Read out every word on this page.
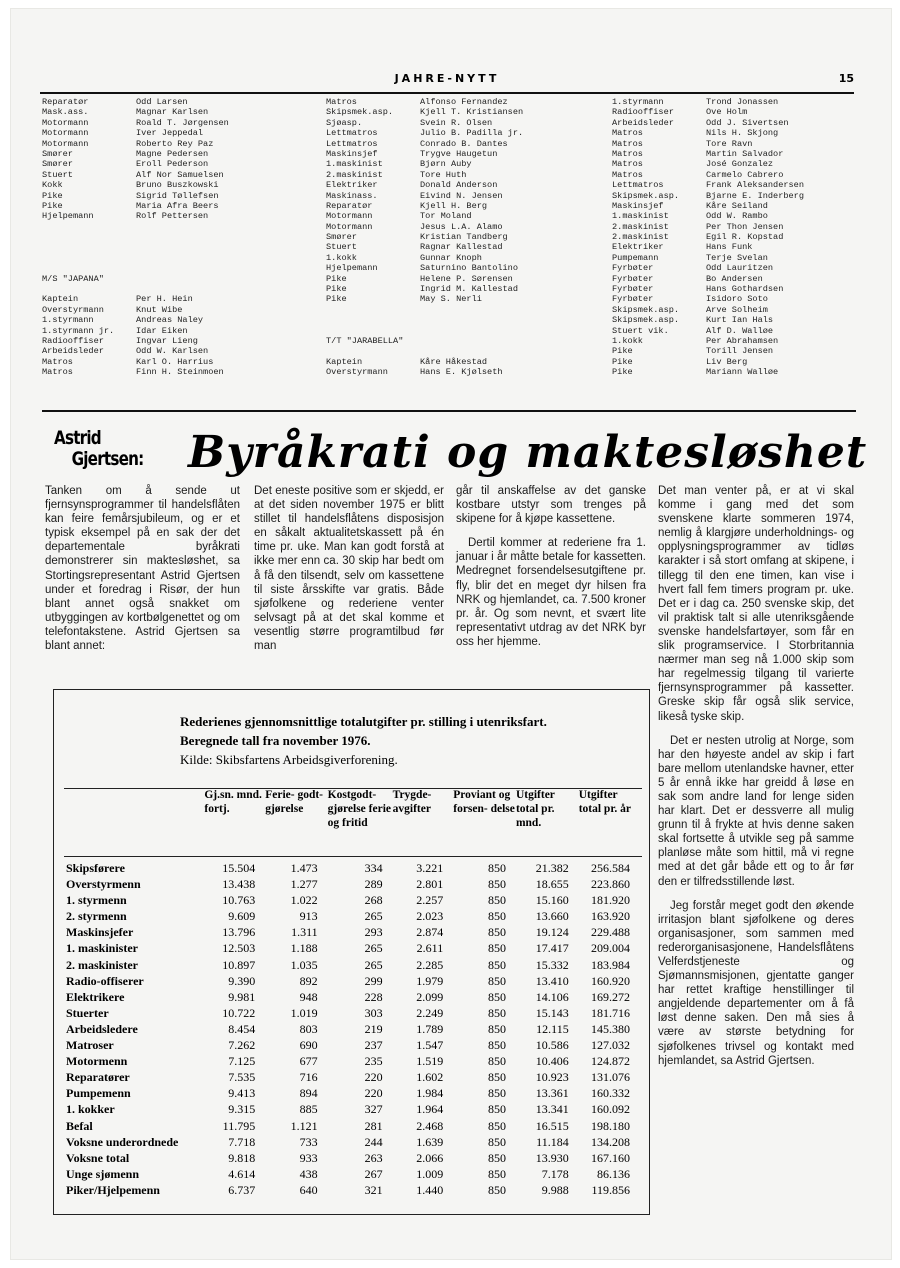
JAHRE-NYTT	15
Reparatør	Odd Larsen
Mask.ass.	Magnar Karlsen
Motormann	Roald T. Jørgensen
Motormann	Iver Jeppedal
Motormann	Roberto Rey Paz
Smører	Magne Pedersen
Smører	Eroll Pederson
Stuert	Alf Nor Samuelsen
Kokk	Bruno Buszkowski
Pike	Sigrid Tøllefsen
Pike	Maria Afra Beers
Hjelpemann	Rolf Pettersen
M/S "JAPANA"
Kaptein	Per H. Hein
Overstyrmann	Knut Wibe
1.styrmann	Andreas Naley
1.styrmann jr.	Idar Eiken
Radiooffiser	Ingvar Lieng
Arbeidsleder	Odd W. Karlsen
Matros	Karl O. Harrius
Matros	Finn H. Steinmoen
Matros	Alfonso Fernandez
Skipsmek.asp.	Kjell T. Kristiansen
Sjøasp.	Svein R. Olsen
Lettmatros	Julio B. Padilla jr.
Lettmatros	Conrado B. Dantes
Maskinsjef	Trygve Haugetun
1.maskinist	Bjørn Auby
2.maskinist	Tore Huth
Elektriker	Donald Anderson
Maskinass.	Eivind N. Jensen
Reparatør	Kjell H. Berg
Motormann	Tor Moland
Motormann	Jesus L.A. Alamo
Smører	Kristian Tandberg
Stuert	Ragnar Kallestad
1.kokk	Gunnar Knoph
Hjelpemann	Saturnino Bantolino
Pike	Helene P. Sørensen
Pike	Ingrid M. Kallestad
Pike	May S. Nerli
T/T "JARABELLA"
Kaptein	Kåre Håkestad
Overstyrmann	Hans E. Kjølseth
1.styrmann	Trond Jonassen
Radiooffiser	Ove Holm
Arbeidsleder	Odd J. Sivertsen
Matros	Nils H. Skjong
Matros	Tore Ravn
Matros	Martin Salvador
Matros	José Gonzalez
Matros	Carmelo Cabrero
Lettmatros	Frank Aleksandersen
Skipsmek.asp.	Bjarne E. Inderberg
Maskinsjef	Kåre Seiland
1.maskinist	Odd W. Rambo
2.maskinist	Per Thon Jensen
2.maskinist	Egil R. Kopstad
Elektriker	Hans Funk
Pumpemann	Terje Svelan
Fyrbøter	Odd Lauritzen
Fyrbøter	Bo Andersen
Fyrbøter	Hans Gothardsen
Fyrbøter	Isidoro Soto
Skipsmek.asp.	Arve Solheim
Skipsmek.asp.	Kurt Ian Hals
Stuert vik.	Alf D. Walløe
1.kokk	Per Abrahamsen
Pike	Torill Jensen
Pike	Liv Berg
Pike	Mariann Walløe
Astrid
Gjertsen: Byråkrati og maktesløshet

Tanken om å sende ut fjernsynsprogrammer til handelsflåten kan feire femårsjubileum, og er et typisk eksempel på en sak der det departementale byråkrati demonstrerer sin maktesløshet, sa Stortingsrepresentant Astrid Gjertsen under et foredrag i Risør, der hun blant annet også snakket om utbyggingen av kortbølgenettet og om telefontakstene. Astrid Gjertsen sa blant annet:

Det eneste positive som er skjedd, er at det siden november 1975 er blitt stillet til handelsflåtens disposisjon en såkalt aktualitetskassett på én time pr. uke. Man kan godt forstå at ikke mer enn ca. 30 skip har bedt om å få den tilsendt, selv om kassettene til siste årsskifte var gratis. Både sjøfolkene og rederiene venter selvsagt på at det skal komme et vesentlig større programtilbud før man

går til anskaffelse av det ganske kostbare utstyr som trenges på skipene for å kjøpe kassettene.

Dertil kommer at rederiene fra 1. januar i år måtte betale for kassetten. Medregnet forsendelsesutgiftene pr. fly, blir det en meget dyr hilsen fra NRK og hjemlandet, ca. 7.500 kroner pr. år. Og som nevnt, et svært lite representativt utdrag av det NRK byr oss her hjemme.

Det man venter på, er at vi skal komme i gang med det som svenskene klarte sommeren 1974, nemlig å klargjøre underholdnings- og opplysningsprogrammer av tidløs karakter i så stort omfang at skipene, i tillegg til den ene timen, kan vise i hvert fall fem timers program pr. uke. Det er i dag ca. 250 svenske skip, det vil praktisk talt si alle utenriksgående svenske handelsfartøyer, som får en slik programservice. I Storbritannia nærmer man seg nå 1.000 skip som har regelmessig tilgang til varierte fjernsynsprogrammer på kassetter. Greske skip får også slik service, likeså tyske skip.

Det er nesten utrolig at Norge, som har den høyeste andel av skip i fart bare mellom utenlandske havner, etter 5 år ennå ikke har greidd å løse en sak som andre land for lenge siden har klart. Det er dessverre all mulig grunn til å frykte at hvis denne saken skal fortsette å utvikle seg på samme planløse måte som hittil, må vi regne med at det går både ett og to år før den er tilfredsstillende løst.

Jeg forstår meget godt den økende irritasjon blant sjøfolkene og deres organisasjoner, som sammen med rederorganisasjonene, Handelsflåtens Velferdstjeneste og Sjømannsmisjonen, gjentatte ganger har rettet kraftige henstillinger til angjeldende departementer om å få løst denne saken. Den må sies å være av største betydning for sjøfolkenes trivsel og kontakt med hjemlandet, sa Astrid Gjertsen.

Rederienes gjennomsnittlige totalutgifter pr. stilling i utenriksfart.
Beregnede tall fra november 1976.
Kilde: Skibsfartens Arbeidsgiverforening.
	Gj.sn. mnd. fortj.	Ferie- godt- gjørelse	Kostgodt- gjørelse ferie og fritid	Trygde- avgifter	Proviant og forsen- delse	Utgifter total pr. mnd.	Utgifter total pr. år
Skipsførere	15.504	1.473	334	3.221	850	21.382	256.584
Overstyrmenn	13.438	1.277	289	2.801	850	18.655	223.860
1. styrmenn	10.763	1.022	268	2.257	850	15.160	181.920
2. styrmenn	9.609	913	265	2.023	850	13.660	163.920
Maskinsjefer	13.796	1.311	293	2.874	850	19.124	229.488
1. maskinister	12.503	1.188	265	2.611	850	17.417	209.004
2. maskinister	10.897	1.035	265	2.285	850	15.332	183.984
Radio-offiserer	9.390	892	299	1.979	850	13.410	160.920
Elektrikere	9.981	948	228	2.099	850	14.106	169.272
Stuerter	10.722	1.019	303	2.249	850	15.143	181.716
Arbeidsledere	8.454	803	219	1.789	850	12.115	145.380
Matroser	7.262	690	237	1.547	850	10.586	127.032
Motormenn	7.125	677	235	1.519	850	10.406	124.872
Reparatører	7.535	716	220	1.602	850	10.923	131.076
Pumpemenn	9.413	894	220	1.984	850	13.361	160.332
1. kokker	9.315	885	327	1.964	850	13.341	160.092
Befal	11.795	1.121	281	2.468	850	16.515	198.180
Voksne underordnede	7.718	733	244	1.639	850	11.184	134.208
Voksne total	9.818	933	263	2.066	850	13.930	167.160
Unge sjømenn	4.614	438	267	1.009	850	7.178	86.136
Piker/Hjelpemenn	6.737	640	321	1.440	850	9.988	119.856
